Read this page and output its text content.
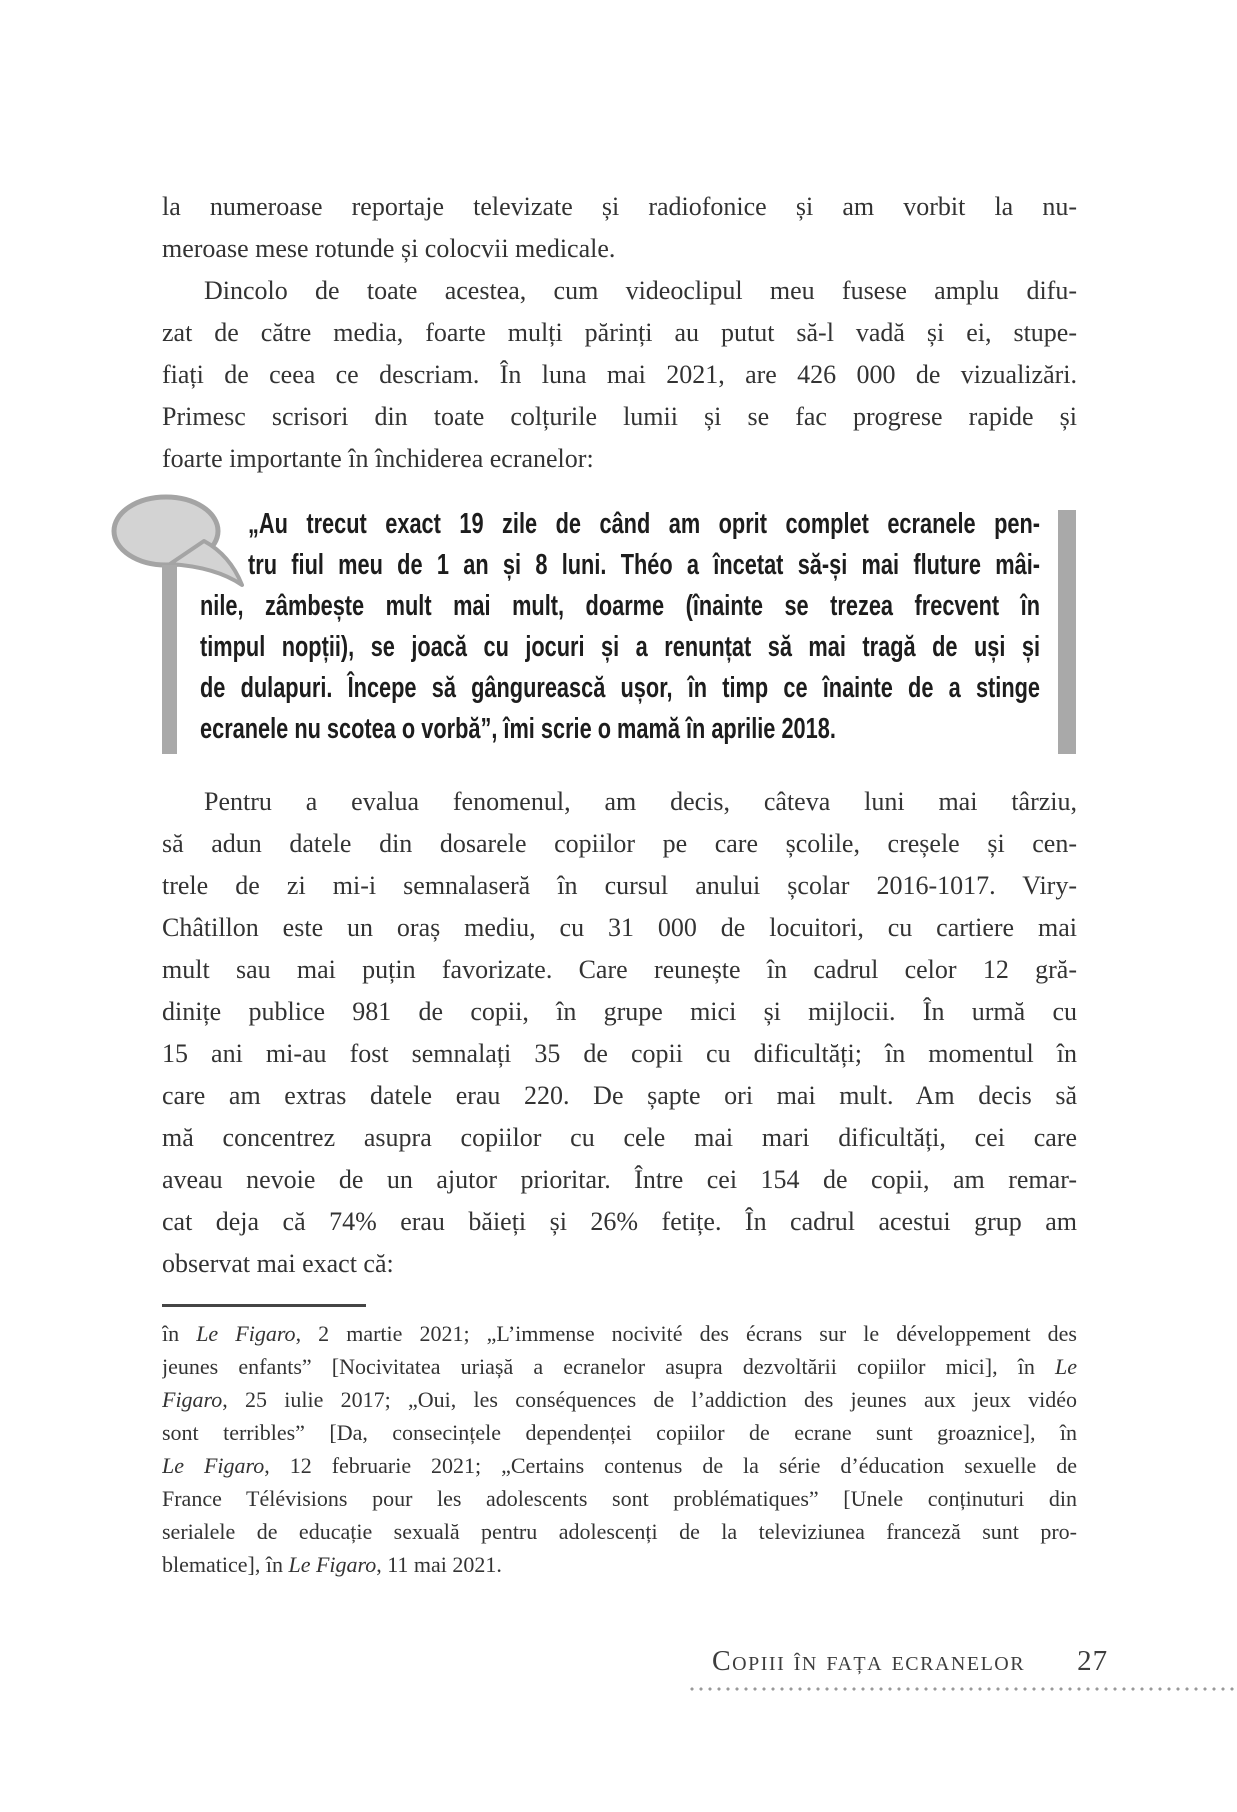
la numeroase reportaje televizate și radiofonice și am vorbit la nu-
meroase mese rotunde și colocvii medicale.
Dincolo de toate acestea, cum videoclipul meu fusese amplu difu-
zat de către media, foarte mulți părinți au putut să-l vadă și ei, stupe-
fiați de ceea ce descriam. În luna mai 2021, are 426 000 de vizualizări.
Primesc scrisori din toate colțurile lumii și se fac progrese rapide și
foarte importante în închiderea ecranelor:
„Au trecut exact 19 zile de când am oprit complet ecranele pen-
tru fiul meu de 1 an și 8 luni. Théo a încetat să-și mai fluture mâi-
nile, zâmbește mult mai mult, doarme (înainte se trezea frecvent în
timpul nopții), se joacă cu jocuri și a renunțat să mai tragă de uși și
de dulapuri. Începe să gângurească ușor, în timp ce înainte de a stinge
ecranele nu scotea o vorbă”, îmi scrie o mamă în aprilie 2018.
Pentru a evalua fenomenul, am decis, câteva luni mai târziu,
să adun datele din dosarele copiilor pe care școlile, creșele și cen-
trele de zi mi-i semnalaseră în cursul anului școlar 2016-1017. Viry-
Châtillon este un oraș mediu, cu 31 000 de locuitori, cu cartiere mai
mult sau mai puțin favorizate. Care reunește în cadrul celor 12 gră-
dinițe publice 981 de copii, în grupe mici și mijlocii. În urmă cu
15 ani mi-au fost semnalați 35 de copii cu dificultăți; în momentul în
care am extras datele erau 220. De șapte ori mai mult. Am decis să
mă concentrez asupra copiilor cu cele mai mari dificultăți, cei care
aveau nevoie de un ajutor prioritar. Între cei 154 de copii, am remar-
cat deja că 74% erau băieți și 26% fetițe. În cadrul acestui grup am
observat mai exact că:
în Le Figaro, 2 martie 2021; „L’immense nocivité des écrans sur le développement des
jeunes enfants” [Nocivitatea uriașă a ecranelor asupra dezvoltării copiilor mici], în Le
Figaro, 25 iulie 2017; „Oui, les conséquences de l’addiction des jeunes aux jeux vidéo
sont terribles” [Da, consecințele dependenței copiilor de ecrane sunt groaznice], în
Le Figaro, 12 februarie 2021; „Certains contenus de la série d’éducation sexuelle de
France Télévisions pour les adolescents sont problématiques” [Unele conținuturi din
serialele de educație sexuală pentru adolescenți de la televiziunea franceză sunt pro-
blematice], în Le Figaro, 11 mai 2021.
Copiii în fața ecranelor 27
